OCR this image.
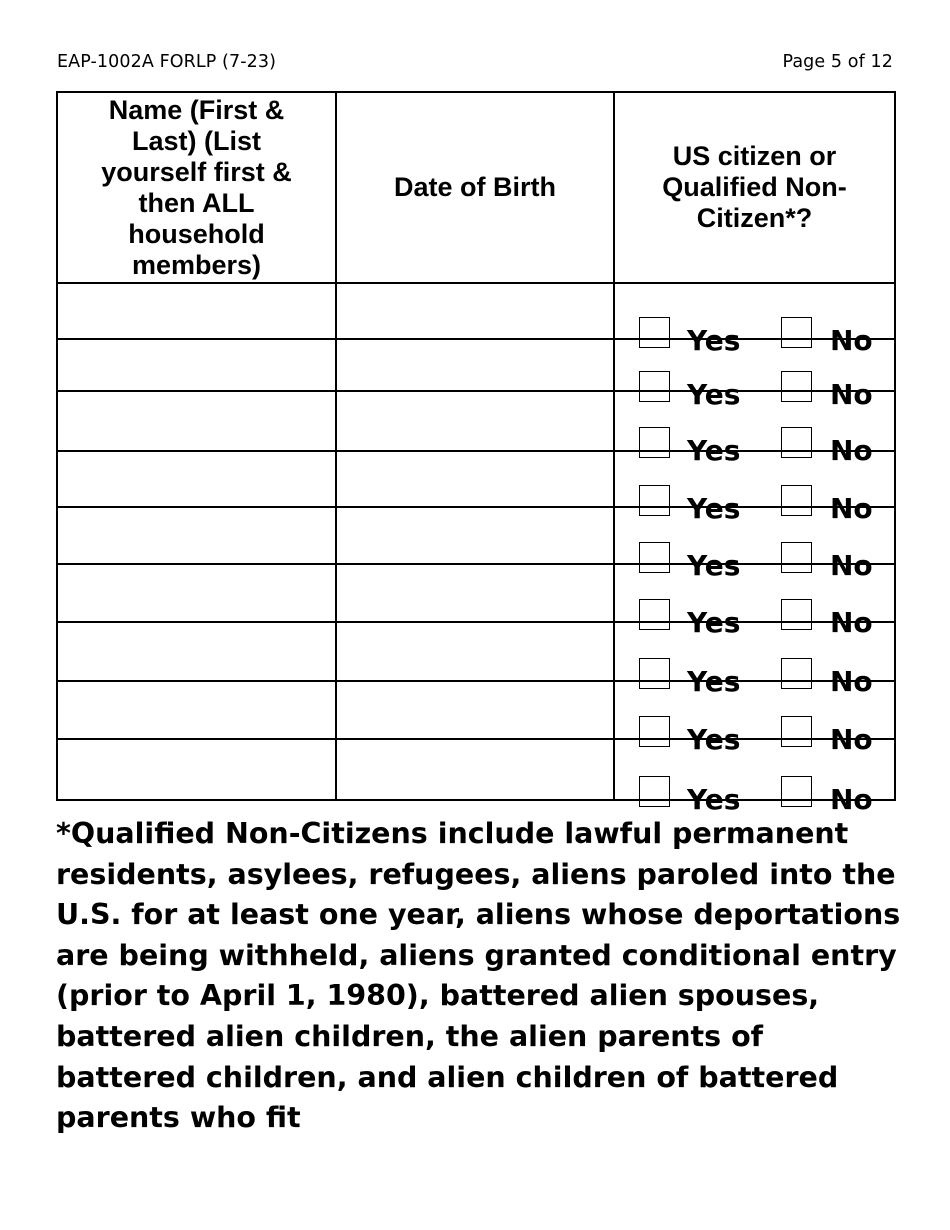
EAP-1002A FORLP (7-23)	Page 5 of 12
Name (First & Last) (List yourself first & then ALL household members)	Date of Birth	US citizen or Qualified Non-Citizen*?

		Yes No

		Yes No

		Yes No

		Yes No

		Yes No

		Yes No

		Yes No

		Yes No

		Yes No

*Qualified Non-Citizens include lawful permanent residents, asylees, refugees, aliens paroled into the U.S. for at least one year, aliens whose deportations are being withheld, aliens granted conditional entry (prior to April 1, 1980), battered alien spouses, battered alien children, the alien parents of battered children, and alien children of battered parents who fit
